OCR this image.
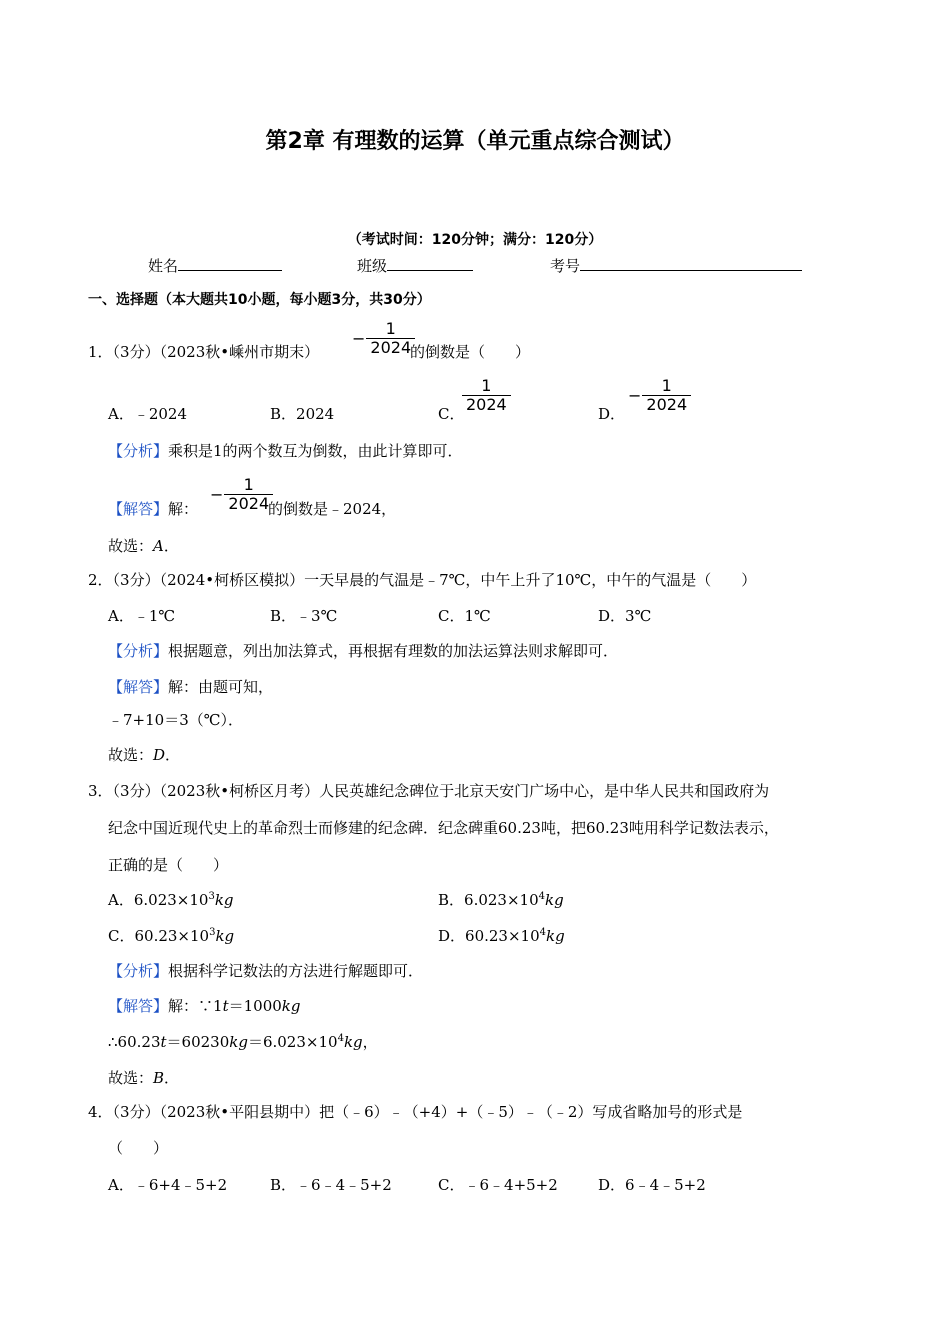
第2章 有理数的运算（单元重点综合测试）
（考试时间：120分钟；满分：120分）
姓名	班级	考号
一、选择题（本大题共10小题，每小题3分，共30分）
1．（3分）（2023秋•嵊州市期末）
− $\frac{1}{2024}$
的倒数是（　　）
A．﹣2024	B．2024	C．
$\frac{1}{2024}$	D．
− $\frac{1}{2024}$
【分析】乘积是1的两个数互为倒数，由此计算即可．
【解答】解：
− $\frac{1}{2024}$
的倒数是﹣2024，
故选：A．
2．（3分）（2024•柯桥区模拟）一天早晨的气温是﹣7℃，中午上升了10℃，中午的气温是（　　）
A．﹣1℃	B．﹣3℃	C．1℃	D．3℃
【分析】根据题意，列出加法算式，再根据有理数的加法运算法则求解即可．
【解答】解：由题可知，
﹣7+10＝3（℃）．
故选：D．
3．（3分）（2023秋•柯桥区月考）人民英雄纪念碑位于北京天安门广场中心，是中华人民共和国政府为
纪念中国近现代史上的革命烈士而修建的纪念碑．纪念碑重60.23吨，把60.23吨用科学记数法表示，
正确的是（　　）
A．$6.023\times 10^3kg$	B．$6.023\times 10^4kg$
C．$60.23\times 10^3kg$	D．$60.23\times 10^4kg$
【分析】根据科学记数法的方法进行解题即可．
【解答】解：∵1t＝1000kg
$\therefore 60.23t=60230kg=6.023\times 10^4kg$，
故选：B．
4．（3分）（2023秋•平阳县期中）把（﹣6）﹣（+4）+（﹣5）﹣（﹣2）写成省略加号的形式是
（　　）
A．﹣6+4﹣5+2	B．﹣6﹣4﹣5+2	C．﹣6﹣4+5+2	D．6﹣4﹣5+2
